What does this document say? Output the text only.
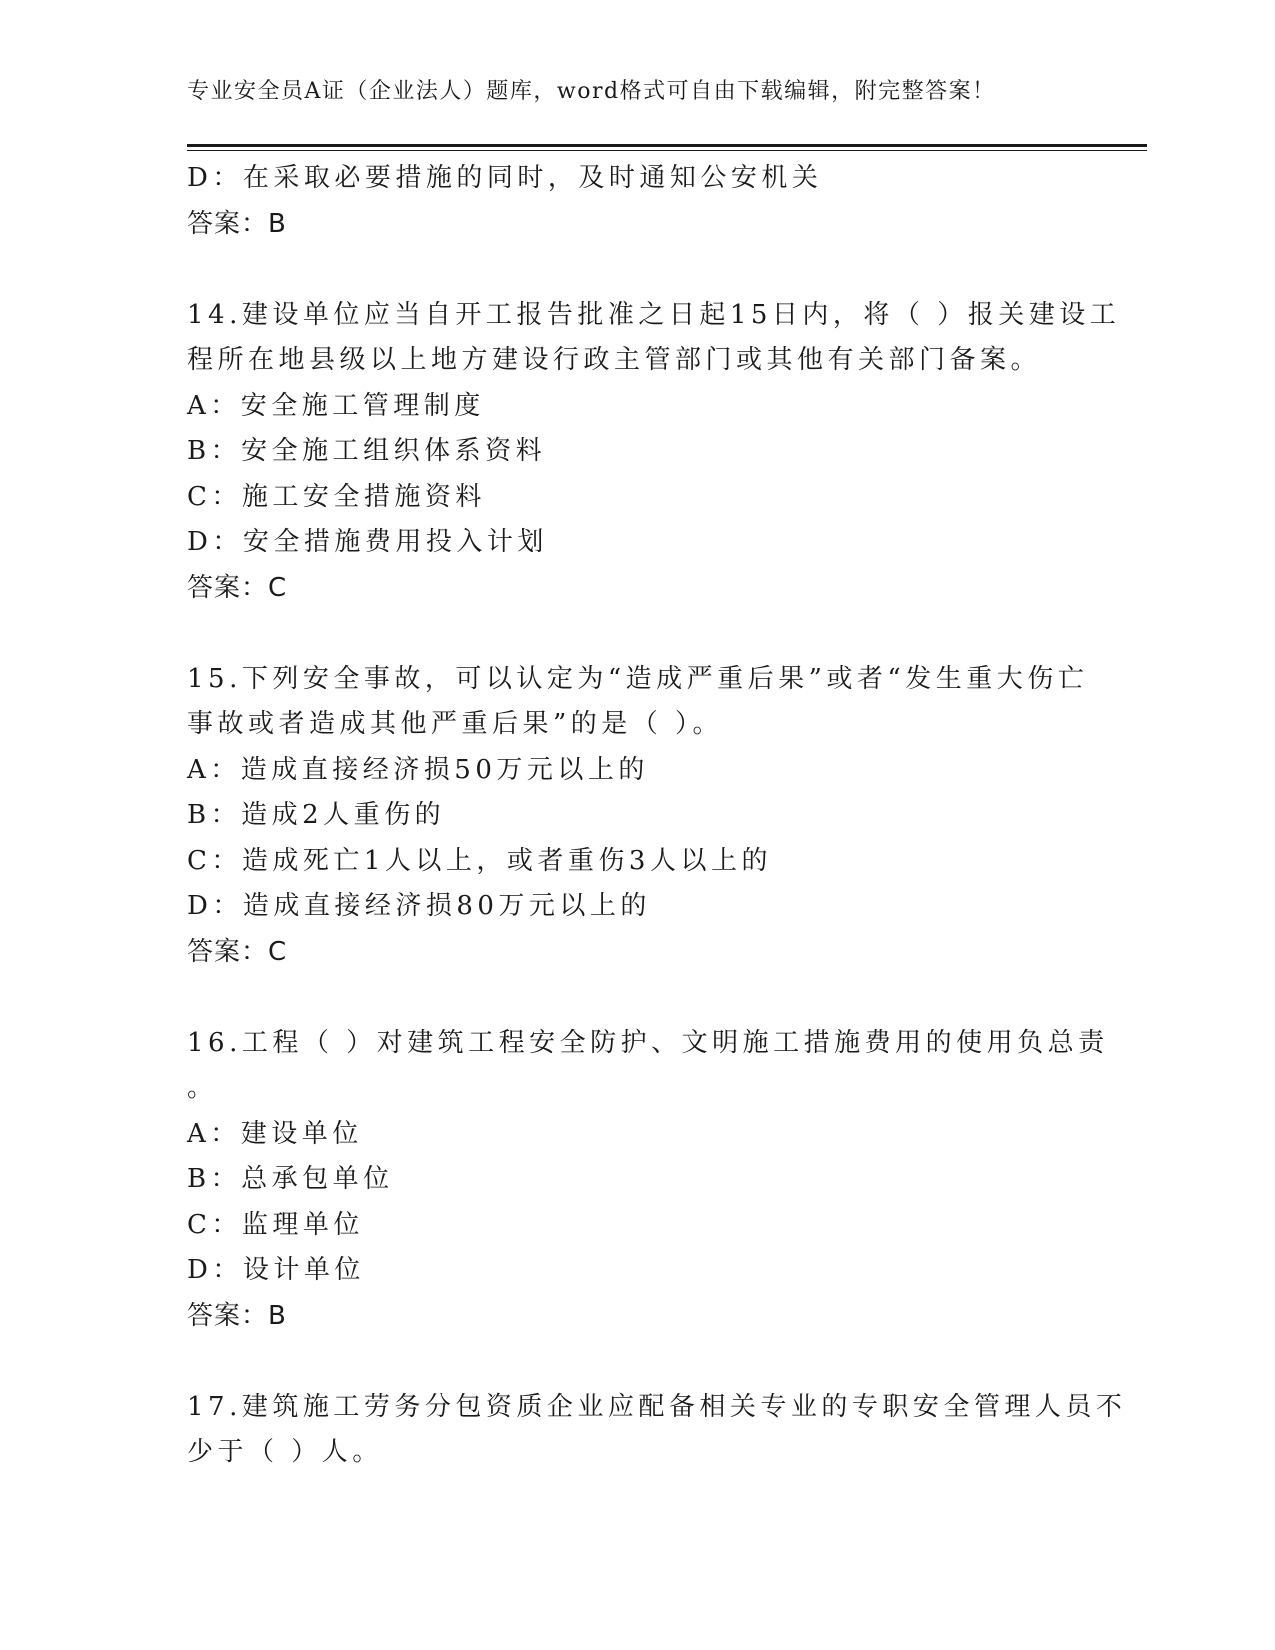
专业安全员A证（企业法人）题库，word格式可自由下载编辑，附完整答案！
D：在采取必要措施的同时，及时通知公安机关
答案：B
14.建设单位应当自开工报告批准之日起15日内，将（ ）报关建设工
程所在地县级以上地方建设行政主管部门或其他有关部门备案。
A：安全施工管理制度
B：安全施工组织体系资料
C：施工安全措施资料
D：安全措施费用投入计划
答案：C
15.下列安全事故，可以认定为“造成严重后果”或者“发生重大伤亡
事故或者造成其他严重后果”的是（ ）。
A：造成直接经济损50万元以上的
B：造成2人重伤的
C：造成死亡1人以上，或者重伤3人以上的
D：造成直接经济损80万元以上的
答案：C
16.工程（ ）对建筑工程安全防护、文明施工措施费用的使用负总责
。
A：建设单位
B：总承包单位
C：监理单位
D：设计单位
答案：B
17.建筑施工劳务分包资质企业应配备相关专业的专职安全管理人员不
少于（ ）人。
